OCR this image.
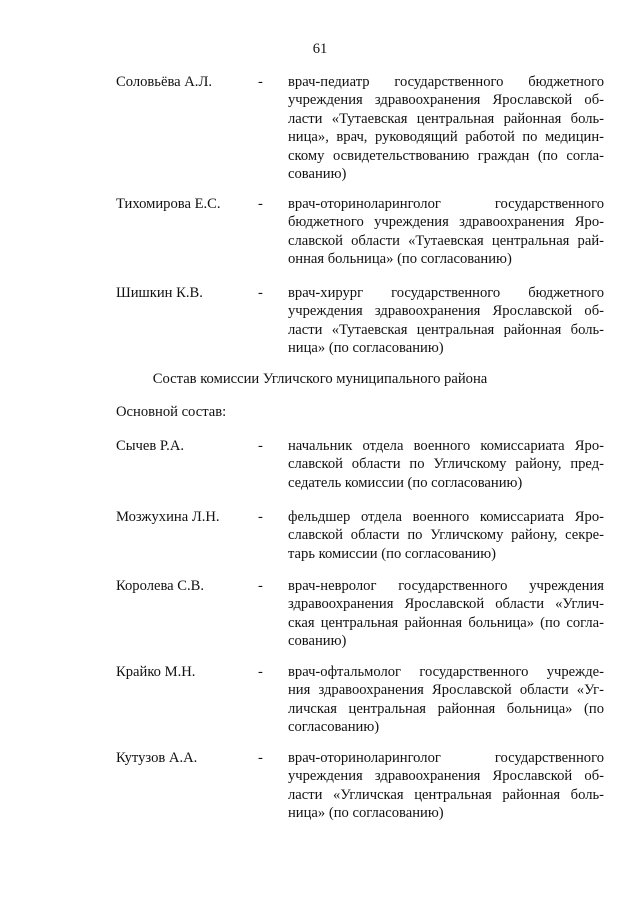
61
Состав комиссии Угличского муниципального района
Основной состав:
Соловьёва А.Л.	- врач-педиатр государственного бюджетного
учреждения здравоохранения Ярославской об-
ласти «Тутаевская центральная районная боль-
ница», врач, руководящий работой по медицин-
скому освидетельствованию граждан (по согла-
сованию)
Тихомирова Е.С.	- врач-оториноларинголог государственного
бюджетного учреждения здравоохранения Яро-
славской области «Тутаевская центральная рай-
онная больница» (по согласованию)
Шишкин К.В.	- врач-хирург государственного бюджетного
учреждения здравоохранения Ярославской об-
ласти «Тутаевская центральная районная боль-
ница» (по согласованию)
Сычев Р.А.	- начальник отдела военного комиссариата Яро-
славской области по Угличскому району, пред-
седатель комиссии (по согласованию)
Мозжухина Л.Н.	- фельдшер отдела военного комиссариата Яро-
славской области по Угличскому району, секре-
тарь комиссии (по согласованию)
Королева С.В.	- врач-невролог государственного учреждения
здравоохранения Ярославской области «Углич-
ская центральная районная больница» (по согла-
сованию)
Крайко М.Н.	- врач-офтальмолог государственного учрежде-
ния здравоохранения Ярославской области «Уг-
личская центральная районная больница» (по
согласованию)
Кутузов А.А.	- врач-оториноларинголог государственного
учреждения здравоохранения Ярославской об-
ласти «Угличская центральная районная боль-
ница» (по согласованию)
